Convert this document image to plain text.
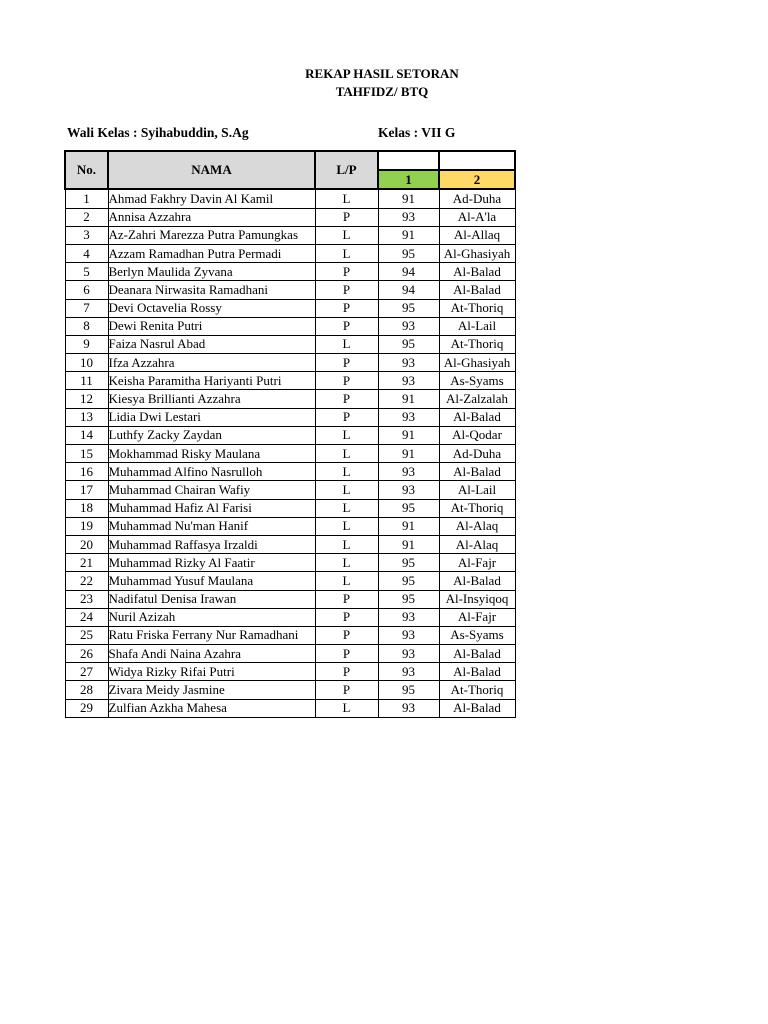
REKAP HASIL SETORAN
TAHFIDZ/ BTQ
Wali Kelas : Syihabuddin, S.Ag	Kelas : VII G
No.	NAMA	L/P		
			1	2
1	Ahmad Fakhry Davin Al Kamil	L	91	Ad-Duha
2	Annisa Azzahra	P	93	Al-A'la
3	Az-Zahri Marezza Putra Pamungkas	L	91	Al-Allaq
4	Azzam Ramadhan Putra Permadi	L	95	Al-Ghasiyah
5	Berlyn Maulida Zyvana	P	94	Al-Balad
6	Deanara Nirwasita Ramadhani	P	94	Al-Balad
7	Devi Octavelia Rossy	P	95	At-Thoriq
8	Dewi Renita Putri	P	93	Al-Lail
9	Faiza Nasrul Abad	L	95	At-Thoriq
10	Ifza Azzahra	P	93	Al-Ghasiyah
11	Keisha Paramitha Hariyanti Putri	P	93	As-Syams
12	Kiesya Brillianti Azzahra	P	91	Al-Zalzalah
13	Lidia Dwi Lestari	P	93	Al-Balad
14	Luthfy Zacky Zaydan	L	91	Al-Qodar
15	Mokhammad Risky Maulana	L	91	Ad-Duha
16	Muhammad Alfino Nasrulloh	L	93	Al-Balad
17	Muhammad Chairan Wafiy	L	93	Al-Lail
18	Muhammad Hafiz Al Farisi	L	95	At-Thoriq
19	Muhammad Nu'man Hanif	L	91	Al-Alaq
20	Muhammad Raffasya Irzaldi	L	91	Al-Alaq
21	Muhammad Rizky Al Faatir	L	95	Al-Fajr
22	Muhammad Yusuf Maulana	L	95	Al-Balad
23	Nadifatul Denisa Irawan	P	95	Al-Insyiqoq
24	Nuril Azizah	P	93	Al-Fajr
25	Ratu Friska Ferrany Nur Ramadhani	P	93	As-Syams
26	Shafa Andi Naina Azahra	P	93	Al-Balad
27	Widya Rizky Rifai Putri	P	93	Al-Balad
28	Zivara Meidy Jasmine	P	95	At-Thoriq
29	Zulfian Azkha Mahesa	L	93	Al-Balad
